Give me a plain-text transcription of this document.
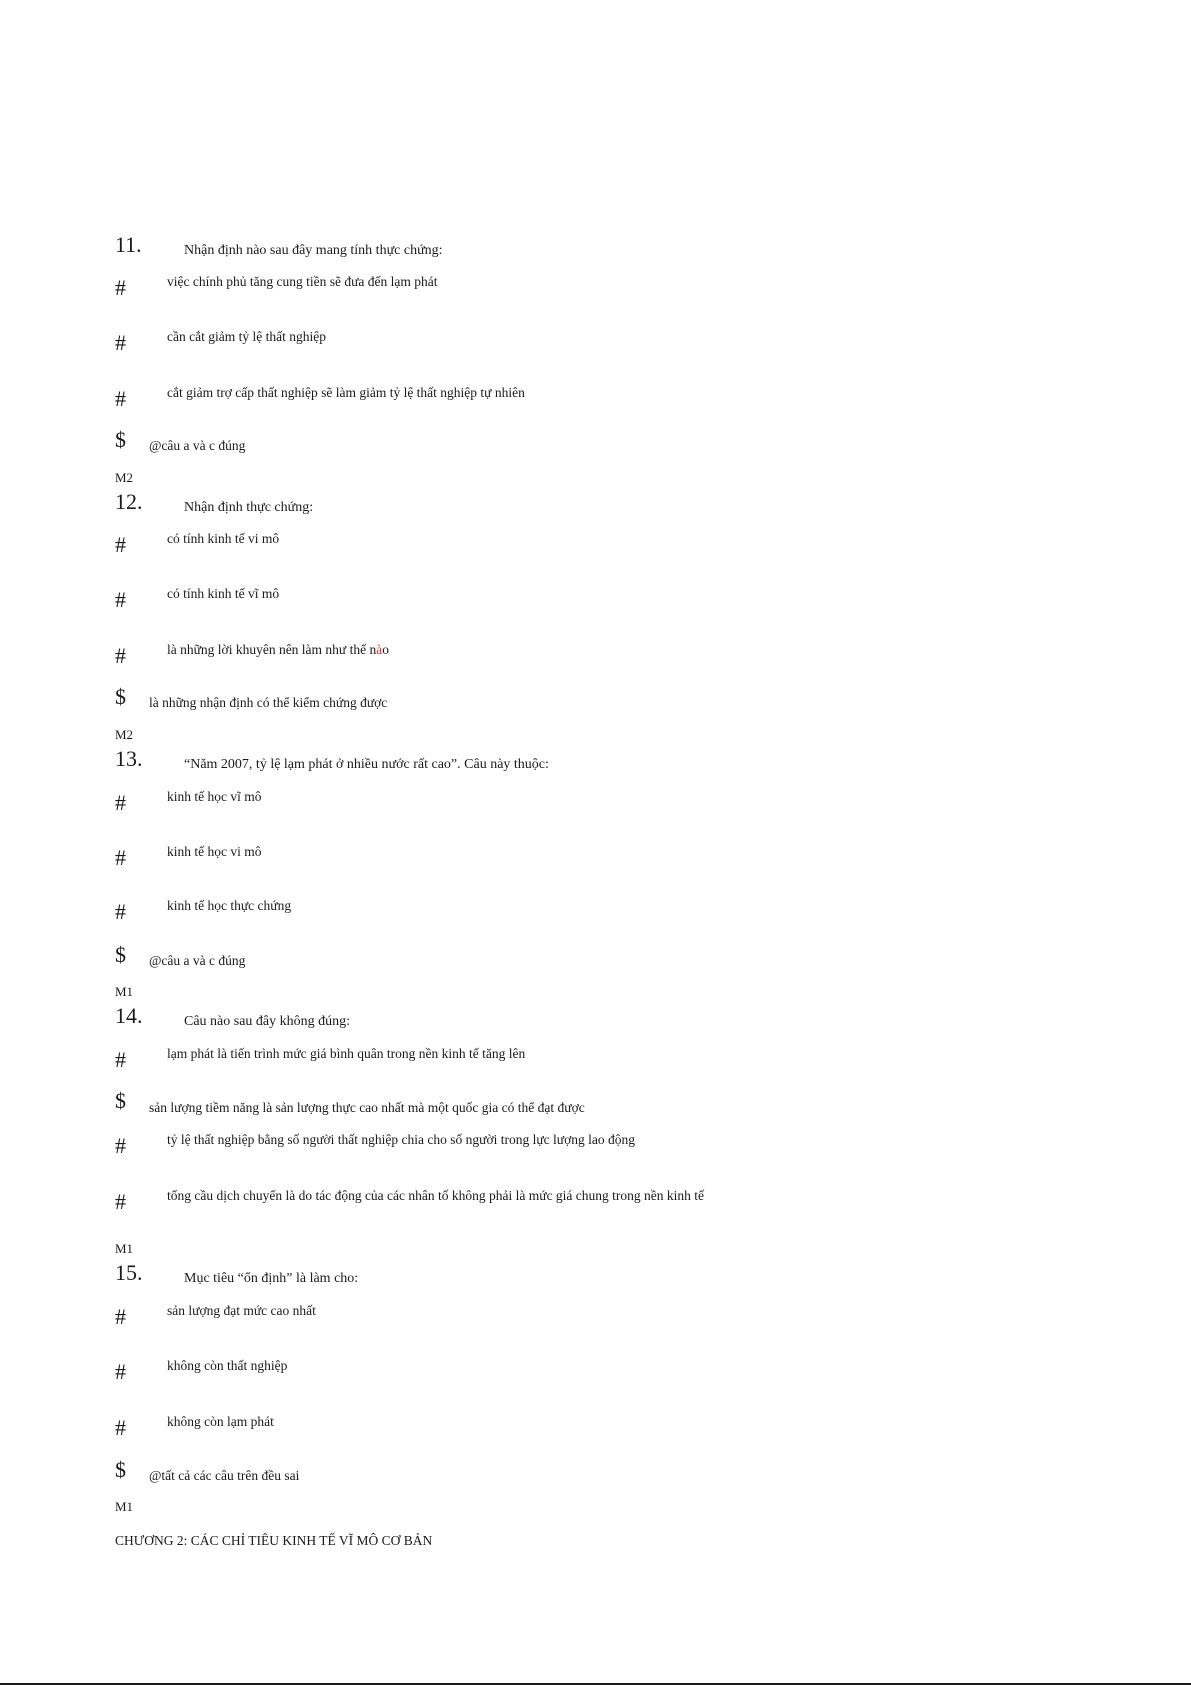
11.	Nhận định nào sau đây mang tính thực chứng:
#	việc chính phủ tăng cung tiền sẽ đưa đến lạm phát
#	cần cắt giảm tỷ lệ thất nghiệp
#	cắt giảm trợ cấp thất nghiệp sẽ làm giảm tỷ lệ thất nghiệp tự nhiên
$ @câu a và c đúng
M2
12.	Nhận định thực chứng:
#	có tính kinh tế vi mô
#	có tính kinh tế vĩ mô
#	là những lời khuyên nên làm như thế nào
$ là những nhận định có thể kiểm chứng được
M2
13.	“Năm 2007, tỷ lệ lạm phát ở nhiều nước rất cao”. Câu này thuộc:
#	kinh tế học vĩ mô
#	kinh tế học vi mô
#	kinh tế học thực chứng
$ @câu a và c đúng
M1
14.	Câu nào sau đây không đúng:
#	lạm phát là tiến trình mức giá bình quân trong nền kinh tế tăng lên
$ sản lượng tiềm năng là sản lượng thực cao nhất mà một quốc gia có thể đạt được
#	tỷ lệ thất nghiệp bằng số người thất nghiệp chia cho số người trong lực lượng lao động
#	tổng cầu dịch chuyển là do tác động của các nhân tố không phải là mức giá chung trong nền kinh tế
M1
15.	Mục tiêu “ổn định” là làm cho:
#	sản lượng đạt mức cao nhất
#	không còn thất nghiệp
#	không còn lạm phát
$ @tất cả các câu trên đều sai
M1
CHƯƠNG 2: CÁC CHỈ TIÊU KINH TẾ VĨ MÔ CƠ BẢN
